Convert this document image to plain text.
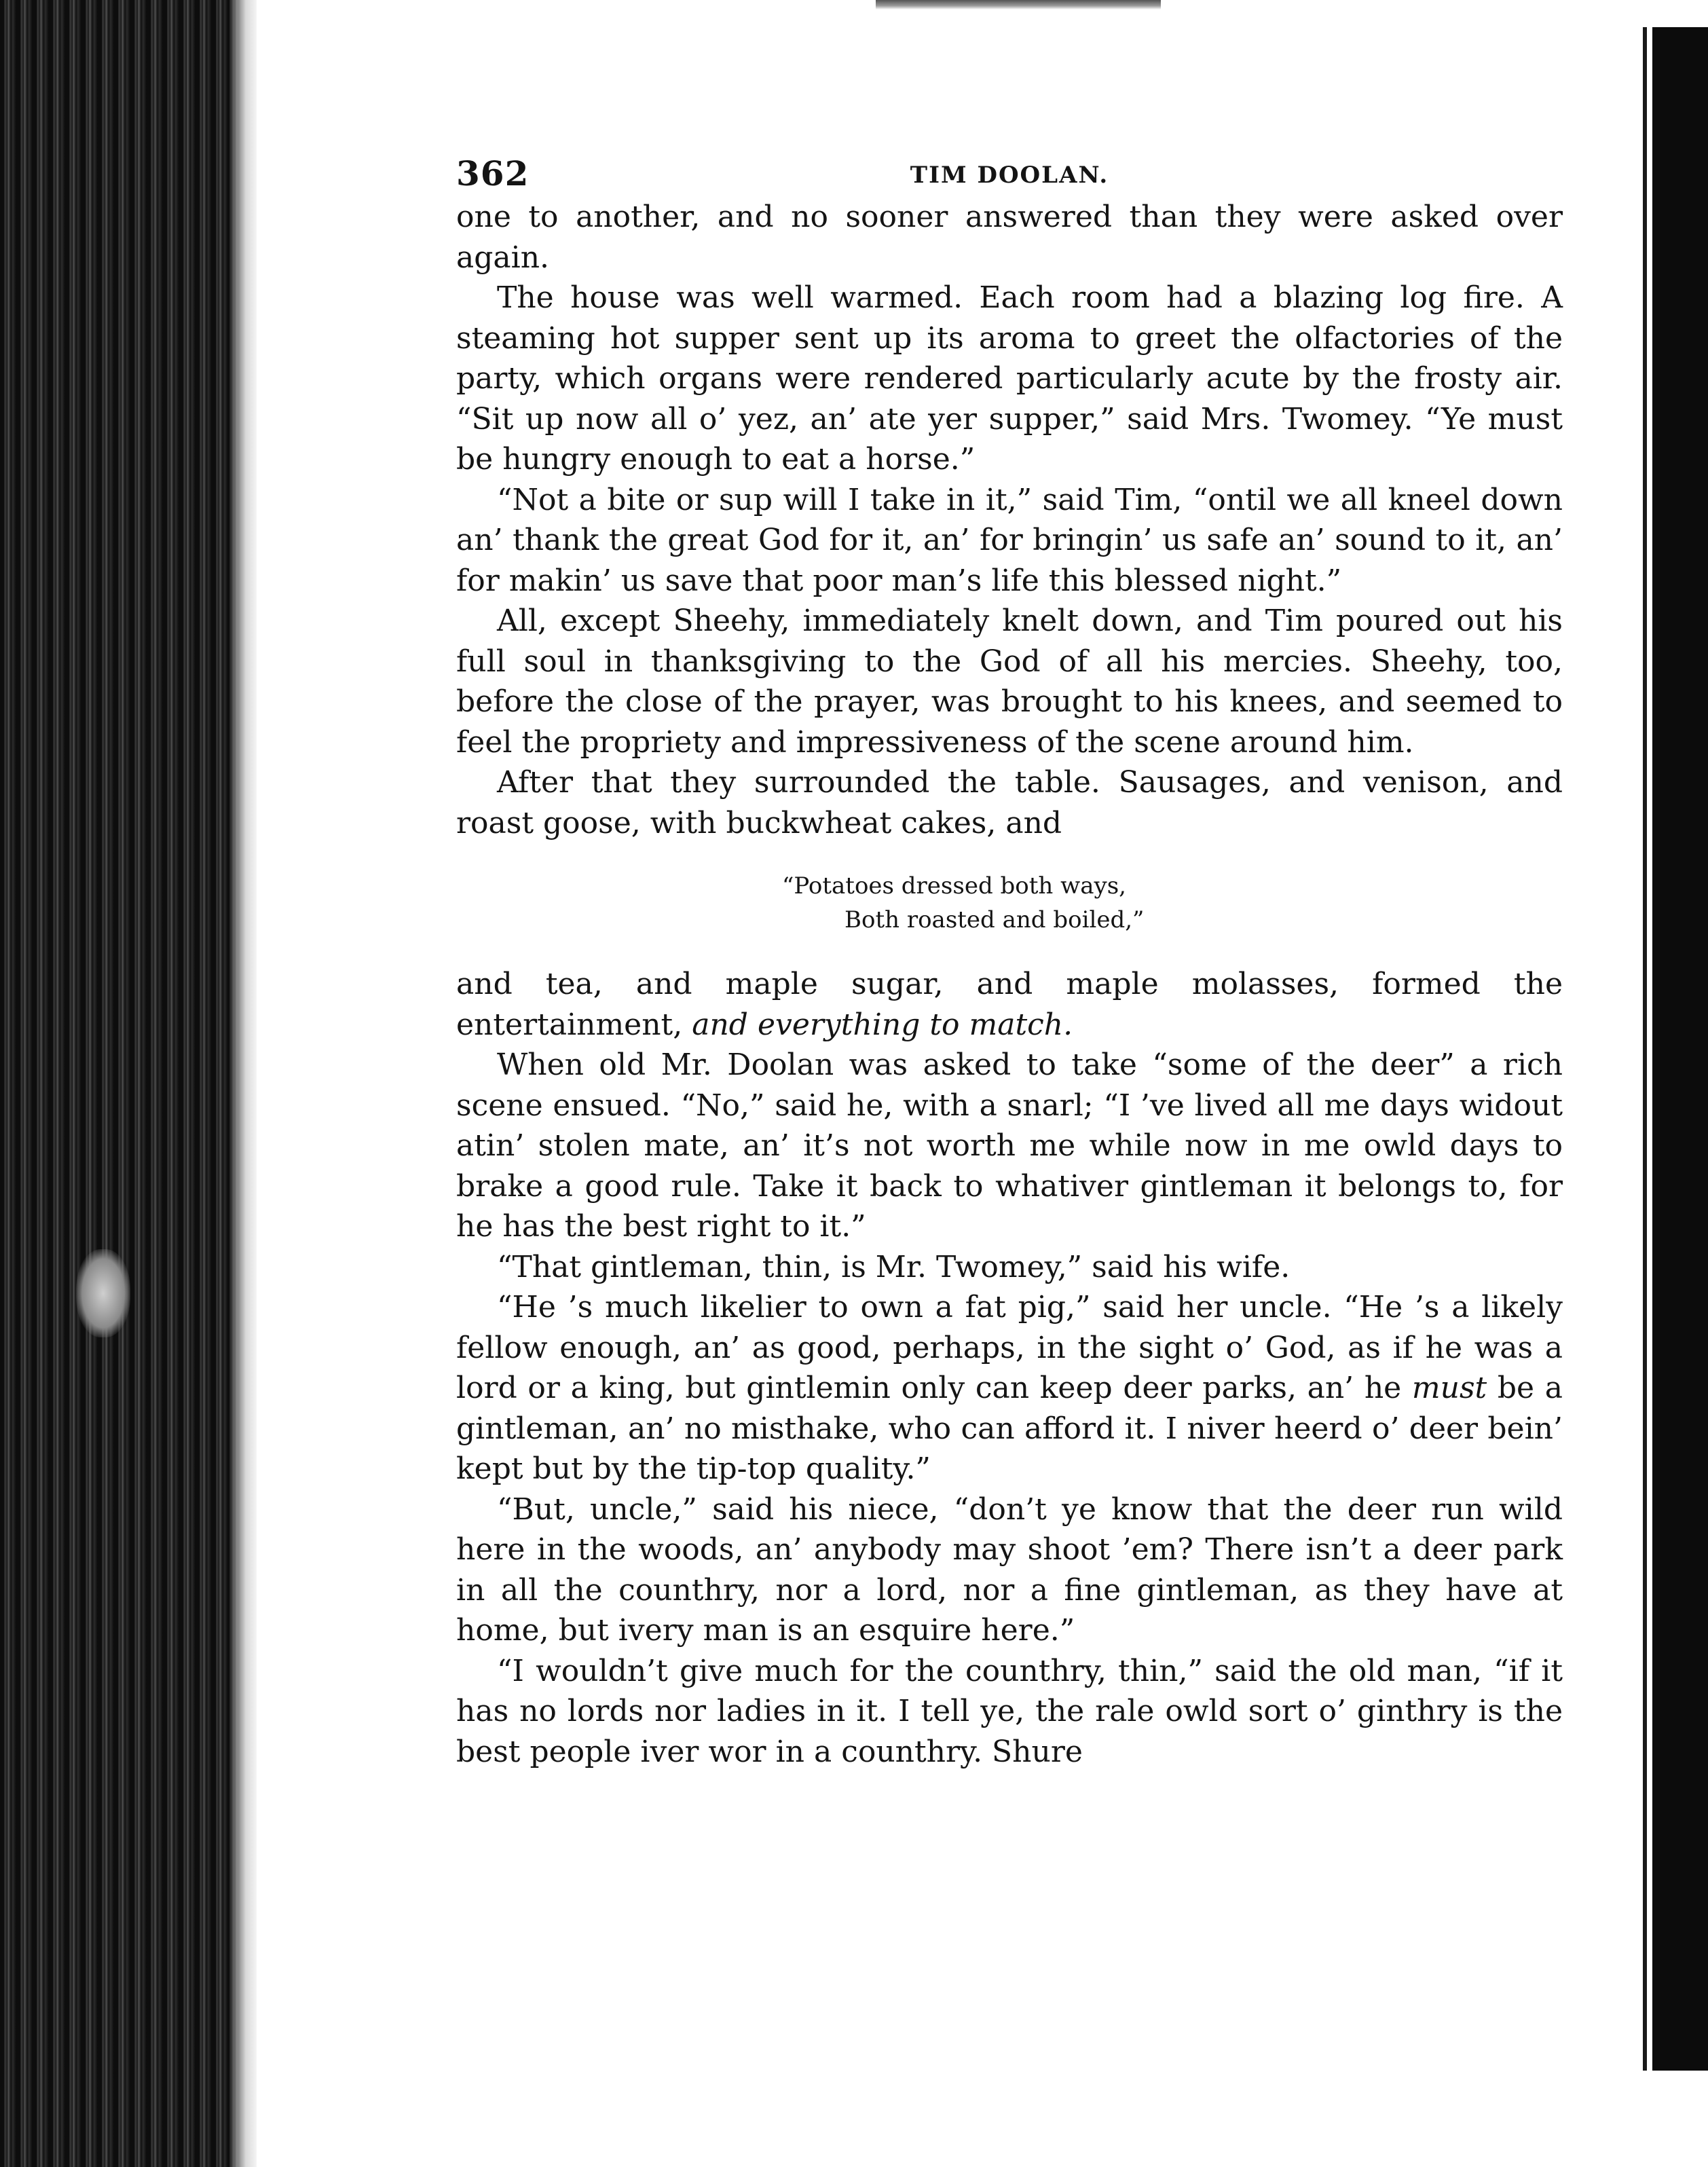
362	TIM DOOLAN.

one to another, and no sooner answered than they were asked over again.

The house was well warmed. Each room had a blazing log fire. A steaming hot supper sent up its aroma to greet the olfactories of the party, which organs were rendered particularly acute by the frosty air. “Sit up now all o’ yez, an’ ate yer supper,” said Mrs. Twomey. “Ye must be hungry enough to eat a horse.”

“Not a bite or sup will I take in it,” said Tim, “ontil we all kneel down an’ thank the great God for it, an’ for bringin’ us safe an’ sound to it, an’ for makin’ us save that poor man’s life this blessed night.”

All, except Sheehy, immediately knelt down, and Tim poured out his full soul in thanksgiving to the God of all his mercies. Sheehy, too, before the close of the prayer, was brought to his knees, and seemed to feel the propriety and impressiveness of the scene around him.

After that they surrounded the table. Sausages, and venison, and roast goose, with buckwheat cakes, and

“Potatoes dressed both ways,
Both roasted and boiled,”

and tea, and maple sugar, and maple molasses, formed the entertainment, and everything to match.

When old Mr. Doolan was asked to take “some of the deer” a rich scene ensued. “No,” said he, with a snarl; “I ’ve lived all me days widout atin’ stolen mate, an’ it’s not worth me while now in me owld days to brake a good rule. Take it back to whativer gintleman it belongs to, for he has the best right to it.”

“That gintleman, thin, is Mr. Twomey,” said his wife.

“He ’s much likelier to own a fat pig,” said her uncle. “He ’s a likely fellow enough, an’ as good, perhaps, in the sight o’ God, as if he was a lord or a king, but gintlemin only can keep deer parks, an’ he must be a gintleman, an’ no misthake, who can afford it. I niver heerd o’ deer bein’ kept but by the tip-top quality.”

“But, uncle,” said his niece, “don’t ye know that the deer run wild here in the woods, an’ anybody may shoot ’em? There isn’t a deer park in all the counthry, nor a lord, nor a fine gintleman, as they have at home, but ivery man is an esquire here.”

“I wouldn’t give much for the counthry, thin,” said the old man, “if it has no lords nor ladies in it. I tell ye, the rale owld sort o’ ginthry is the best people iver wor in a counthry. Shure
